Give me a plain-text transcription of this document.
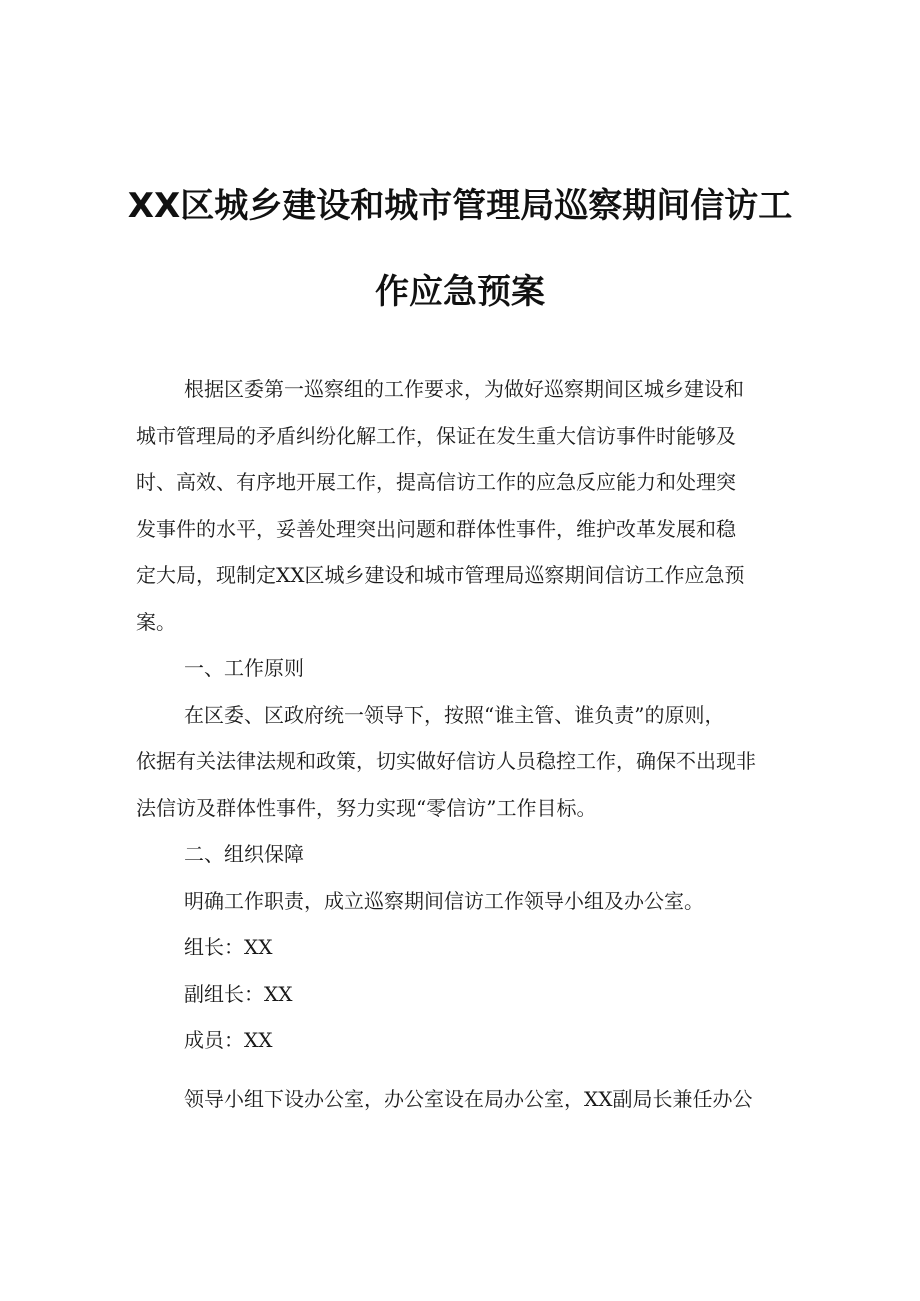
XX区城乡建设和城市管理局巡察期间信访工
作应急预案
根据区委第一巡察组的工作要求，为做好巡察期间区城乡建设和
城市管理局的矛盾纠纷化解工作，保证在发生重大信访事件时能够及
时、高效、有序地开展工作，提高信访工作的应急反应能力和处理突
发事件的水平，妥善处理突出问题和群体性事件，维护改革发展和稳
定大局，现制定XX区城乡建设和城市管理局巡察期间信访工作应急预
案。
一、工作原则
在区委、区政府统一领导下，按照“谁主管、谁负责”的原则，
依据有关法律法规和政策，切实做好信访人员稳控工作，确保不出现非
法信访及群体性事件，努力实现“零信访”工作目标。
二、组织保障
明确工作职责，成立巡察期间信访工作领导小组及办公室。
组长：XX
副组长：XX
成员：XX
领导小组下设办公室，办公室设在局办公室，XX副局长兼任办公
